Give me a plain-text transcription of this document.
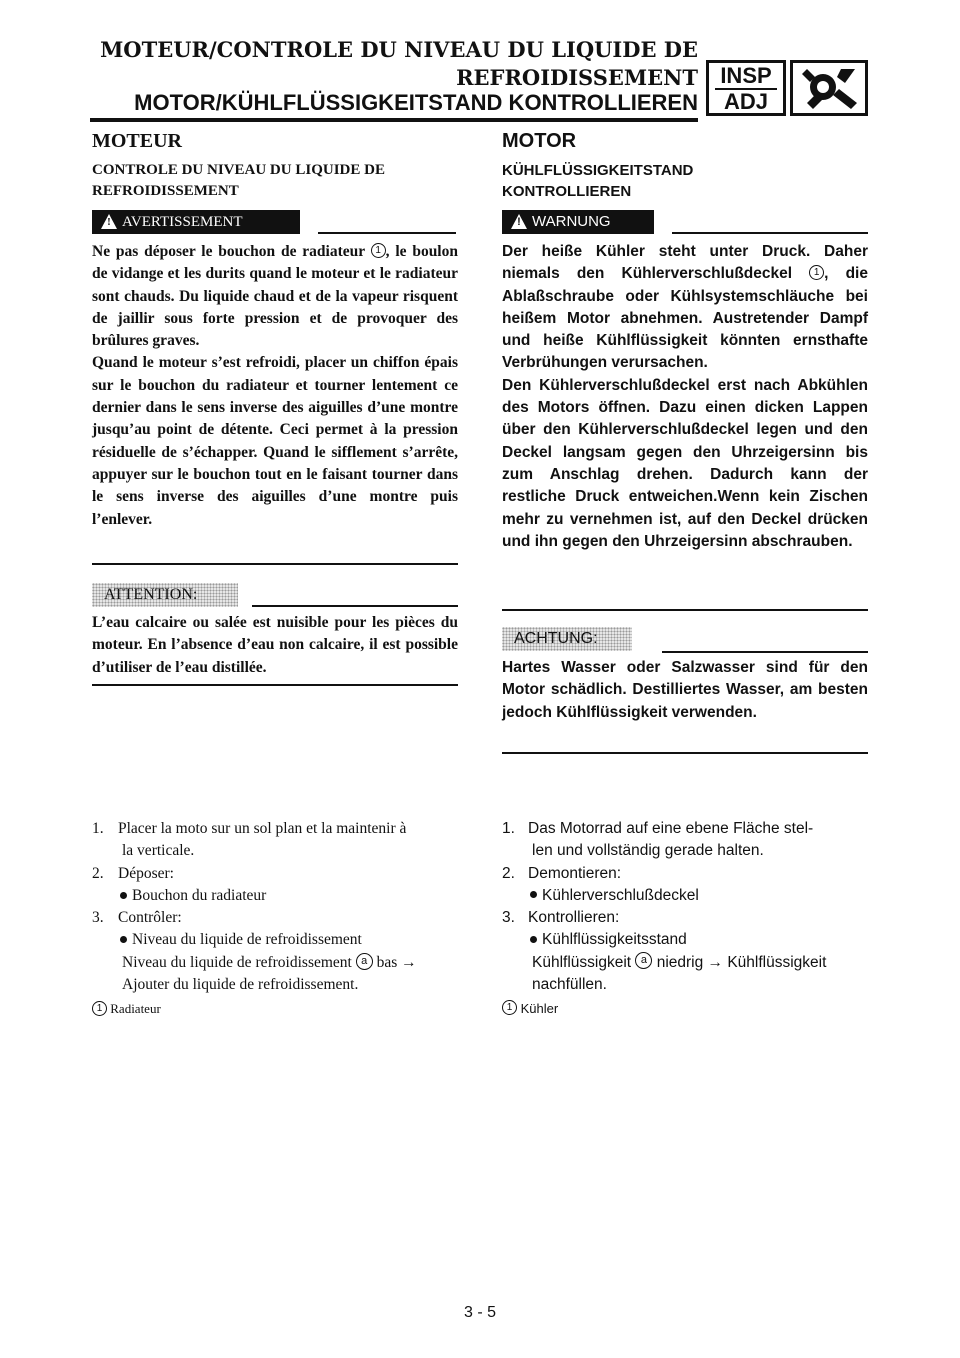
MOTEUR/CONTROLE DU NIVEAU DU LIQUIDE DE
REFROIDISSEMENT
MOTOR/KÜHLFLÜSSIGKEITSTAND KONTROLLIEREN
INSP
ADJ
MOTEUR
CONTROLE DU NIVEAU DU LIQUIDE DE
REFROIDISSEMENT
! AVERTISSEMENT

Ne pas déposer le bouchon de radiateur 1 , le boulon de vidange et les durits quand le moteur et le radiateur sont chauds. Du liquide chaud et de la vapeur risquent de jaillir sous forte pression et de provoquer des brûlures graves.

Quand le moteur s’est refroidi, placer un chiffon épais sur le bouchon du radiateur et tourner lentement ce dernier dans le sens inverse des aiguilles d’une montre jusqu’au point de détente. Ceci permet à la pression résiduelle de s’échapper. Quand le sifflement s’arrête, appuyer sur le bouchon tout en le faisant tourner dans le sens inverse des aiguilles d’une montre puis l’enlever.

ATTENTION:
L’eau calcaire ou salée est nuisible pour les pièces du moteur. En l’absence d’eau non calcaire, il est possible d’utiliser de l’eau distillée.
1. Placer la moto sur un sol plan et la maintenir à
la verticale.
2. Déposer:
Bouchon du radiateur
3. Contrôler:
Niveau du liquide de refroidissement
Niveau du liquide de refroidissement a bas →
Ajouter du liquide de refroidissement.
1 Radiateur
MOTOR
KÜHLFLÜSSIGKEITSTAND
KONTROLLIEREN
! WARNUNG

Der heiße Kühler steht unter Druck. Daher niemals den Kühlerverschlußdeckel 1 , die Ablaßschraube oder Kühlsystemschläuche bei heißem Motor abnehmen. Austretender Dampf und heiße Kühlflüssigkeit könnten ernsthafte Verbrühungen verursachen.

Den Kühlerverschlußdeckel erst nach Abkühlen des Motors öffnen. Dazu einen dicken Lappen über den Kühlerverschlußdeckel legen und den Deckel langsam gegen den Uhrzeigersinn bis zum Anschlag drehen. Dadurch kann der restliche Druck entweichen.Wenn kein Zischen mehr zu vernehmen ist, auf den Deckel drücken und ihn gegen den Uhrzeigersinn abschrauben.

ACHTUNG:
Hartes Wasser oder Salzwasser sind für den Motor schädlich. Destilliertes Wasser, am besten jedoch Kühlflüssigkeit verwenden.
1. Das Motorrad auf eine ebene Fläche stel-
len und vollständig gerade halten.
2. Demontieren:
Kühlerverschlußdeckel
3. Kontrollieren:
Kühlflüssigkeitsstand
Kühlflüssigkeit a niedrig → Kühlflüssigkeit
nachfüllen.
1 Kühler
3 - 5
